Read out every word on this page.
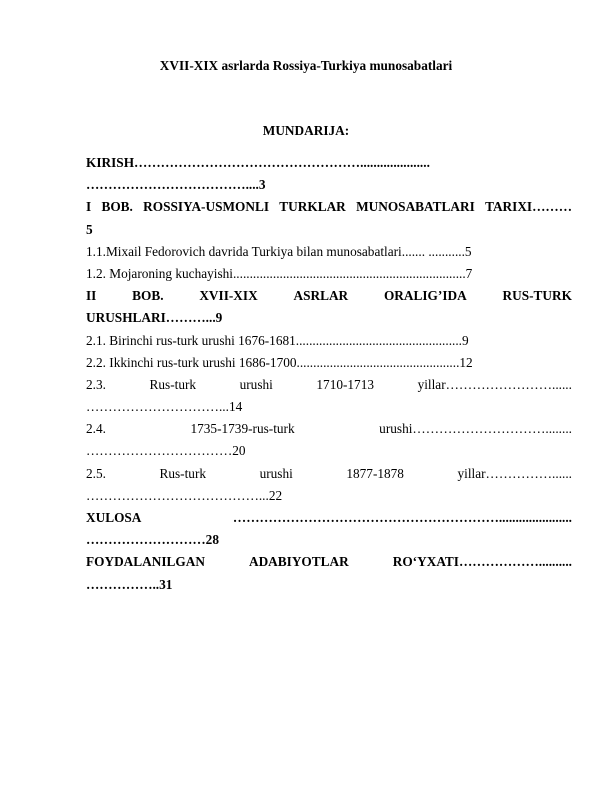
XVII-XIX asrlarda Rossiya-Turkiya munosabatlari
MUNDARIJA:
KIRISH…………………………………………….....................
………………………………....3
I BOB. ROSSIYA-USMONLI TURKLAR MUNOSABATLARI TARIXI………
5
1.1.Mixail Fedorovich davrida Turkiya bilan munosabatlari....... ...........5
1.2. Mojaroning kuchayishi......................................................................7
II	BOB.	XVII-XIX	ASRLAR	ORALIG’IDA	RUS-TURK
URUSHLARI………...9
2.1. Birinchi rus-turk urushi 1676-1681..................................................9
2.2. Ikkinchi rus-turk urushi 1686-1700.................................................12
2.3.	Rus-turk	urushi	1710-1713	yillar……………………......
…………………………...14
2.4.	1735-1739-rus-turk	urushi…………………………........
……………………………20
2.5.	Rus-turk	urushi	1877-1878	yillar……………......
…………………………………...22
XULOSA	……………………………………………………......................
………………………28
FOYDALANILGAN	ADABIYOTLAR	RO‘YXATI………………..........
……………..31
